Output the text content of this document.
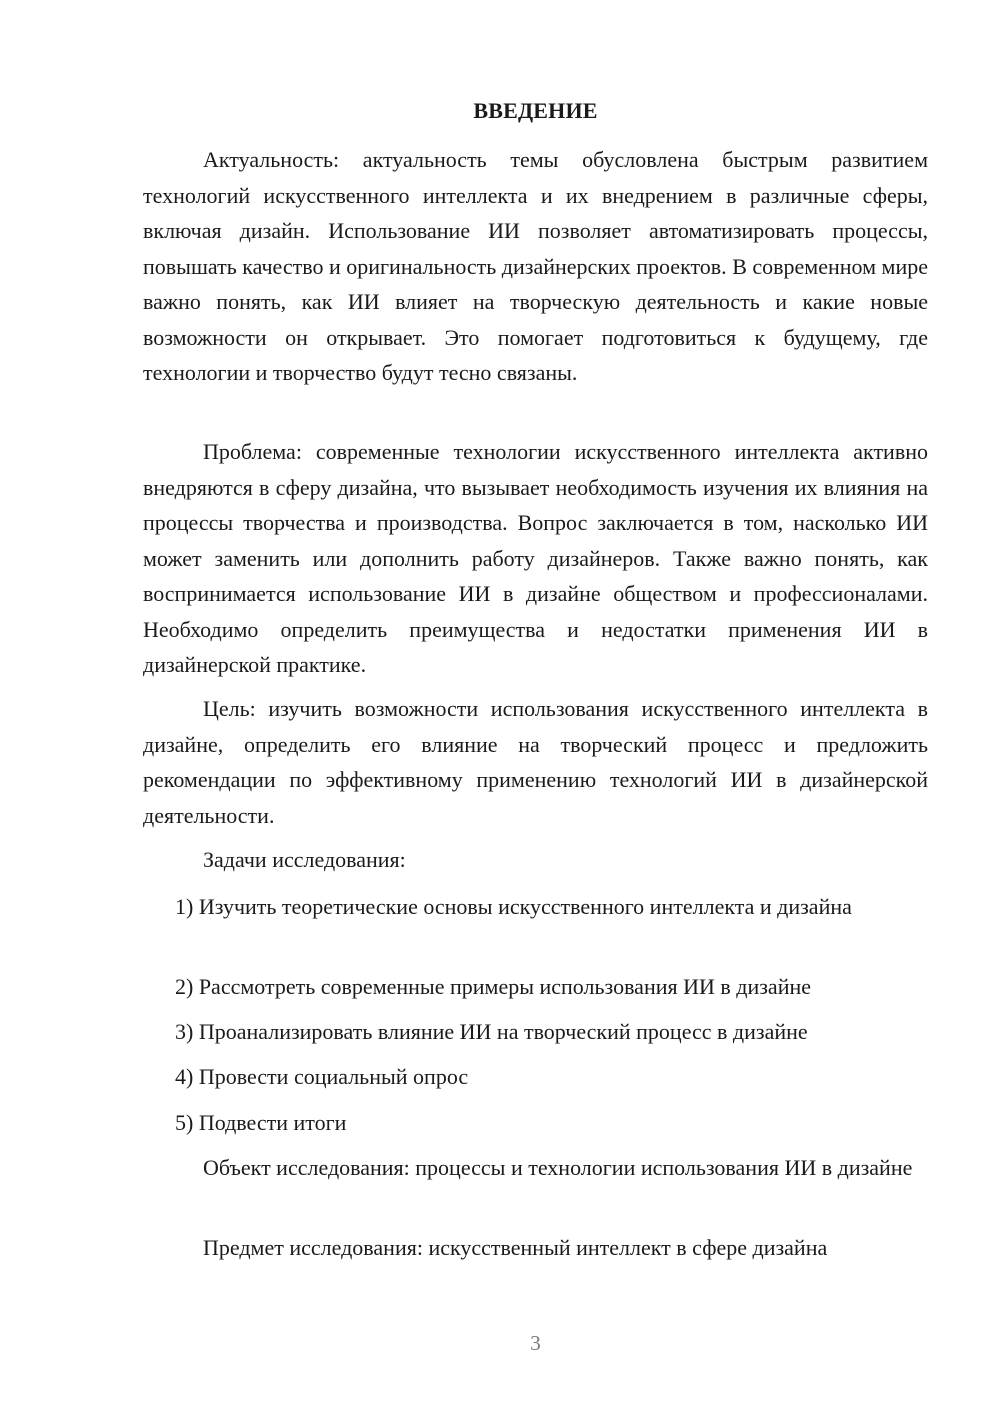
ВВЕДЕНИЕ

Актуальность: актуальность темы обусловлена быстрым развитием технологий искусственного интеллекта и их внедрением в различные сферы, включая дизайн. Использование ИИ позволяет автоматизировать процессы, повышать качество и оригинальность дизайнерских проектов. В современном мире важно понять, как ИИ влияет на творческую деятельность и какие новые возможности он открывает. Это помогает подготовиться к будущему, где технологии и творчество будут тесно связаны.

Проблема: современные технологии искусственного интеллекта активно внедряются в сферу дизайна, что вызывает необходимость изучения их влияния на процессы творчества и производства. Вопрос заключается в том, насколько ИИ может заменить или дополнить работу дизайнеров. Также важно понять, как воспринимается использование ИИ в дизайне обществом и профессионалами. Необходимо определить преимущества и недостатки применения ИИ в дизайнерской практике.

Цель: изучить возможности использования искусственного интеллекта в дизайне, определить его влияние на творческий процесс и предложить рекомендации по эффективному применению технологий ИИ в дизайнерской деятельности.

Задачи исследования:

1) Изучить теоретические основы искусственного интеллекта и дизайна

2) Рассмотреть современные примеры использования ИИ в дизайне

3) Проанализировать влияние ИИ на творческий процесс в дизайне

4) Провести социальный опрос

5) Подвести итоги

Объект исследования: процессы и технологии использования ИИ в дизайне

Предмет исследования: искусственный интеллект в сфере дизайна

3
